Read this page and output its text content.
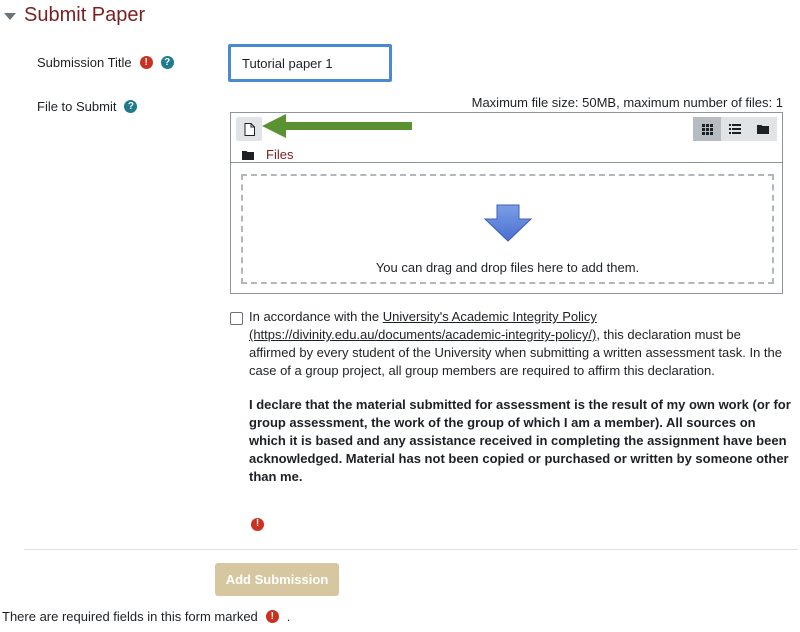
Submit Paper
Submission Title	!	?
Tutorial paper 1
File to Submit	?	Maximum file size: 50MB, maximum number of files: 1
Files
You can drag and drop files here to add them.
In accordance with the University's Academic Integrity Policy
(https://divinity.edu.au/documents/academic-integrity-policy/), this declaration must be affirmed by every student of the University when submitting a written assessment task. In the case of a group project, all group members are required to affirm this declaration.
I declare that the material submitted for assessment is the result of my own work (or for group assessment, the work of the group of which I am a member). All sources on which it is based and any assistance received in completing the assignment have been acknowledged. Material has not been copied or purchased or written by someone other than me.
!
Add Submission
There are required fields in this form marked	! .
